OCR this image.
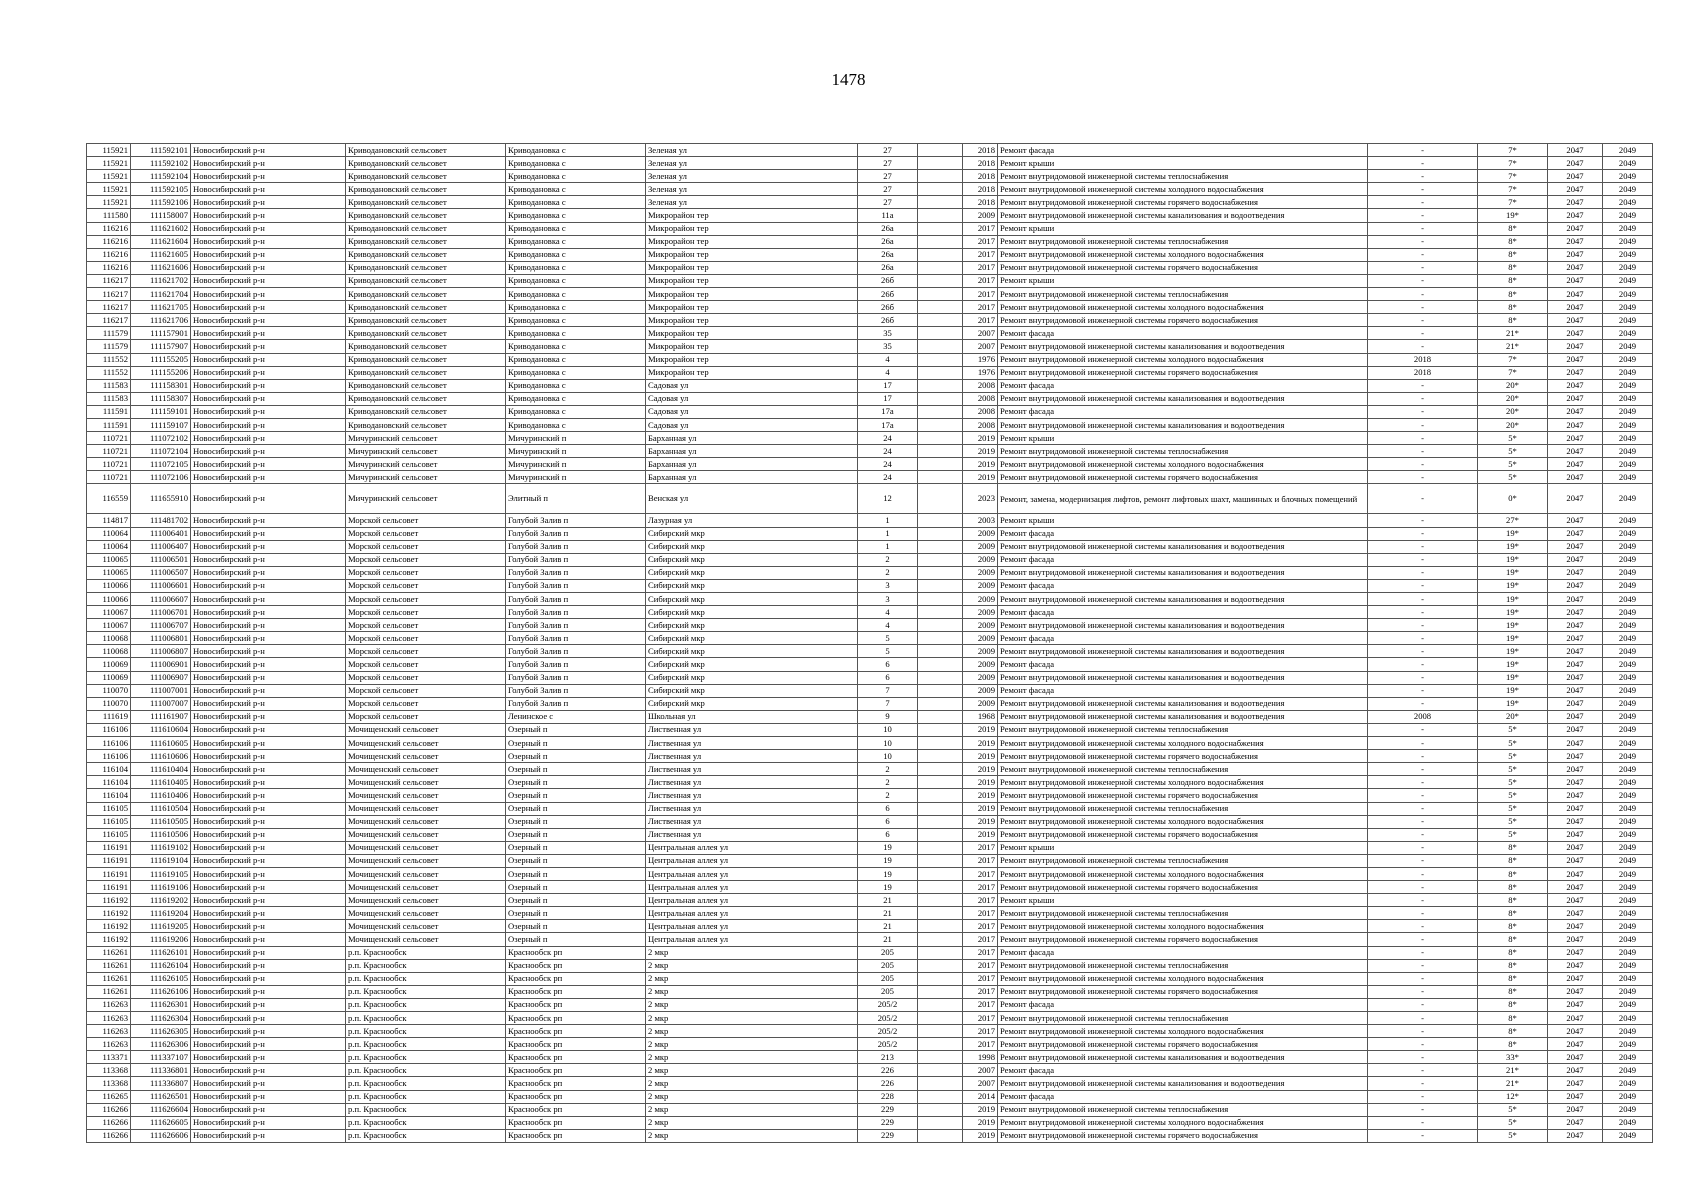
1478
115921	111592101	Новосибирский р-н	Криводановский сельсовет	Криводановка с	Зеленая ул	27		2018	Ремонт фасада	-	7*	2047	2049
115921	111592102	Новосибирский р-н	Криводановский сельсовет	Криводановка с	Зеленая ул	27		2018	Ремонт крыши	-	7*	2047	2049
115921	111592104	Новосибирский р-н	Криводановский сельсовет	Криводановка с	Зеленая ул	27		2018	Ремонт внутридомовой инженерной системы теплоснабжения	-	7*	2047	2049
115921	111592105	Новосибирский р-н	Криводановский сельсовет	Криводановка с	Зеленая ул	27		2018	Ремонт внутридомовой инженерной системы холодного водоснабжения	-	7*	2047	2049
115921	111592106	Новосибирский р-н	Криводановский сельсовет	Криводановка с	Зеленая ул	27		2018	Ремонт внутридомовой инженерной системы горячего водоснабжения	-	7*	2047	2049
111580	111158007	Новосибирский р-н	Криводановский сельсовет	Криводановка с	Микрорайон тер	11а		2009	Ремонт внутридомовой инженерной системы канализования и водоотведения	-	19*	2047	2049
116216	111621602	Новосибирский р-н	Криводановский сельсовет	Криводановка с	Микрорайон тер	26а		2017	Ремонт крыши	-	8*	2047	2049
116216	111621604	Новосибирский р-н	Криводановский сельсовет	Криводановка с	Микрорайон тер	26а		2017	Ремонт внутридомовой инженерной системы теплоснабжения	-	8*	2047	2049
116216	111621605	Новосибирский р-н	Криводановский сельсовет	Криводановка с	Микрорайон тер	26а		2017	Ремонт внутридомовой инженерной системы холодного водоснабжения	-	8*	2047	2049
116216	111621606	Новосибирский р-н	Криводановский сельсовет	Криводановка с	Микрорайон тер	26а		2017	Ремонт внутридомовой инженерной системы горячего водоснабжения	-	8*	2047	2049
116217	111621702	Новосибирский р-н	Криводановский сельсовет	Криводановка с	Микрорайон тер	26б		2017	Ремонт крыши	-	8*	2047	2049
116217	111621704	Новосибирский р-н	Криводановский сельсовет	Криводановка с	Микрорайон тер	26б		2017	Ремонт внутридомовой инженерной системы теплоснабжения	-	8*	2047	2049
116217	111621705	Новосибирский р-н	Криводановский сельсовет	Криводановка с	Микрорайон тер	26б		2017	Ремонт внутридомовой инженерной системы холодного водоснабжения	-	8*	2047	2049
116217	111621706	Новосибирский р-н	Криводановский сельсовет	Криводановка с	Микрорайон тер	26б		2017	Ремонт внутридомовой инженерной системы горячего водоснабжения	-	8*	2047	2049
111579	111157901	Новосибирский р-н	Криводановский сельсовет	Криводановка с	Микрорайон тер	35		2007	Ремонт фасада	-	21*	2047	2049
111579	111157907	Новосибирский р-н	Криводановский сельсовет	Криводановка с	Микрорайон тер	35		2007	Ремонт внутридомовой инженерной системы канализования и водоотведения	-	21*	2047	2049
111552	111155205	Новосибирский р-н	Криводановский сельсовет	Криводановка с	Микрорайон тер	4		1976	Ремонт внутридомовой инженерной системы холодного водоснабжения	2018	7*	2047	2049
111552	111155206	Новосибирский р-н	Криводановский сельсовет	Криводановка с	Микрорайон тер	4		1976	Ремонт внутридомовой инженерной системы горячего водоснабжения	2018	7*	2047	2049
111583	111158301	Новосибирский р-н	Криводановский сельсовет	Криводановка с	Садовая ул	17		2008	Ремонт фасада	-	20*	2047	2049
111583	111158307	Новосибирский р-н	Криводановский сельсовет	Криводановка с	Садовая ул	17		2008	Ремонт внутридомовой инженерной системы канализования и водоотведения	-	20*	2047	2049
111591	111159101	Новосибирский р-н	Криводановский сельсовет	Криводановка с	Садовая ул	17а		2008	Ремонт фасада	-	20*	2047	2049
111591	111159107	Новосибирский р-н	Криводановский сельсовет	Криводановка с	Садовая ул	17а		2008	Ремонт внутридомовой инженерной системы канализования и водоотведения	-	20*	2047	2049
110721	111072102	Новосибирский р-н	Мичуринский сельсовет	Мичуринский п	Барханная ул	24		2019	Ремонт крыши	-	5*	2047	2049
110721	111072104	Новосибирский р-н	Мичуринский сельсовет	Мичуринский п	Барханная ул	24		2019	Ремонт внутридомовой инженерной системы теплоснабжения	-	5*	2047	2049
110721	111072105	Новосибирский р-н	Мичуринский сельсовет	Мичуринский п	Барханная ул	24		2019	Ремонт внутридомовой инженерной системы холодного водоснабжения	-	5*	2047	2049
110721	111072106	Новосибирский р-н	Мичуринский сельсовет	Мичуринский п	Барханная ул	24		2019	Ремонт внутридомовой инженерной системы горячего водоснабжения	-	5*	2047	2049
116559	111655910	Новосибирский р-н	Мичуринский сельсовет	Элитный п	Венская ул	12		2023	Ремонт, замена, модернизация лифтов, ремонт лифтовых шахт, машинных и блочных помещений	-	0*	2047	2049
114817	111481702	Новосибирский р-н	Морской сельсовет	Голубой Залив п	Лазурная ул	1		2003	Ремонт крыши	-	27*	2047	2049
110064	111006401	Новосибирский р-н	Морской сельсовет	Голубой Залив п	Сибирский мкр	1		2009	Ремонт фасада	-	19*	2047	2049
110064	111006407	Новосибирский р-н	Морской сельсовет	Голубой Залив п	Сибирский мкр	1		2009	Ремонт внутридомовой инженерной системы канализования и водоотведения	-	19*	2047	2049
110065	111006501	Новосибирский р-н	Морской сельсовет	Голубой Залив п	Сибирский мкр	2		2009	Ремонт фасада	-	19*	2047	2049
110065	111006507	Новосибирский р-н	Морской сельсовет	Голубой Залив п	Сибирский мкр	2		2009	Ремонт внутридомовой инженерной системы канализования и водоотведения	-	19*	2047	2049
110066	111006601	Новосибирский р-н	Морской сельсовет	Голубой Залив п	Сибирский мкр	3		2009	Ремонт фасада	-	19*	2047	2049
110066	111006607	Новосибирский р-н	Морской сельсовет	Голубой Залив п	Сибирский мкр	3		2009	Ремонт внутридомовой инженерной системы канализования и водоотведения	-	19*	2047	2049
110067	111006701	Новосибирский р-н	Морской сельсовет	Голубой Залив п	Сибирский мкр	4		2009	Ремонт фасада	-	19*	2047	2049
110067	111006707	Новосибирский р-н	Морской сельсовет	Голубой Залив п	Сибирский мкр	4		2009	Ремонт внутридомовой инженерной системы канализования и водоотведения	-	19*	2047	2049
110068	111006801	Новосибирский р-н	Морской сельсовет	Голубой Залив п	Сибирский мкр	5		2009	Ремонт фасада	-	19*	2047	2049
110068	111006807	Новосибирский р-н	Морской сельсовет	Голубой Залив п	Сибирский мкр	5		2009	Ремонт внутридомовой инженерной системы канализования и водоотведения	-	19*	2047	2049
110069	111006901	Новосибирский р-н	Морской сельсовет	Голубой Залив п	Сибирский мкр	6		2009	Ремонт фасада	-	19*	2047	2049
110069	111006907	Новосибирский р-н	Морской сельсовет	Голубой Залив п	Сибирский мкр	6		2009	Ремонт внутридомовой инженерной системы канализования и водоотведения	-	19*	2047	2049
110070	111007001	Новосибирский р-н	Морской сельсовет	Голубой Залив п	Сибирский мкр	7		2009	Ремонт фасада	-	19*	2047	2049
110070	111007007	Новосибирский р-н	Морской сельсовет	Голубой Залив п	Сибирский мкр	7		2009	Ремонт внутридомовой инженерной системы канализования и водоотведения	-	19*	2047	2049
111619	111161907	Новосибирский р-н	Морской сельсовет	Ленинское с	Школьная ул	9		1968	Ремонт внутридомовой инженерной системы канализования и водоотведения	2008	20*	2047	2049
116106	111610604	Новосибирский р-н	Мочищенский сельсовет	Озерный п	Лиственная ул	10		2019	Ремонт внутридомовой инженерной системы теплоснабжения	-	5*	2047	2049
116106	111610605	Новосибирский р-н	Мочищенский сельсовет	Озерный п	Лиственная ул	10		2019	Ремонт внутридомовой инженерной системы холодного водоснабжения	-	5*	2047	2049
116106	111610606	Новосибирский р-н	Мочищенский сельсовет	Озерный п	Лиственная ул	10		2019	Ремонт внутридомовой инженерной системы горячего водоснабжения	-	5*	2047	2049
116104	111610404	Новосибирский р-н	Мочищенский сельсовет	Озерный п	Лиственная ул	2		2019	Ремонт внутридомовой инженерной системы теплоснабжения	-	5*	2047	2049
116104	111610405	Новосибирский р-н	Мочищенский сельсовет	Озерный п	Лиственная ул	2		2019	Ремонт внутридомовой инженерной системы холодного водоснабжения	-	5*	2047	2049
116104	111610406	Новосибирский р-н	Мочищенский сельсовет	Озерный п	Лиственная ул	2		2019	Ремонт внутридомовой инженерной системы горячего водоснабжения	-	5*	2047	2049
116105	111610504	Новосибирский р-н	Мочищенский сельсовет	Озерный п	Лиственная ул	6		2019	Ремонт внутридомовой инженерной системы теплоснабжения	-	5*	2047	2049
116105	111610505	Новосибирский р-н	Мочищенский сельсовет	Озерный п	Лиственная ул	6		2019	Ремонт внутридомовой инженерной системы холодного водоснабжения	-	5*	2047	2049
116105	111610506	Новосибирский р-н	Мочищенский сельсовет	Озерный п	Лиственная ул	6		2019	Ремонт внутридомовой инженерной системы горячего водоснабжения	-	5*	2047	2049
116191	111619102	Новосибирский р-н	Мочищенский сельсовет	Озерный п	Центральная аллея ул	19		2017	Ремонт крыши	-	8*	2047	2049
116191	111619104	Новосибирский р-н	Мочищенский сельсовет	Озерный п	Центральная аллея ул	19		2017	Ремонт внутридомовой инженерной системы теплоснабжения	-	8*	2047	2049
116191	111619105	Новосибирский р-н	Мочищенский сельсовет	Озерный п	Центральная аллея ул	19		2017	Ремонт внутридомовой инженерной системы холодного водоснабжения	-	8*	2047	2049
116191	111619106	Новосибирский р-н	Мочищенский сельсовет	Озерный п	Центральная аллея ул	19		2017	Ремонт внутридомовой инженерной системы горячего водоснабжения	-	8*	2047	2049
116192	111619202	Новосибирский р-н	Мочищенский сельсовет	Озерный п	Центральная аллея ул	21		2017	Ремонт крыши	-	8*	2047	2049
116192	111619204	Новосибирский р-н	Мочищенский сельсовет	Озерный п	Центральная аллея ул	21		2017	Ремонт внутридомовой инженерной системы теплоснабжения	-	8*	2047	2049
116192	111619205	Новосибирский р-н	Мочищенский сельсовет	Озерный п	Центральная аллея ул	21		2017	Ремонт внутридомовой инженерной системы холодного водоснабжения	-	8*	2047	2049
116192	111619206	Новосибирский р-н	Мочищенский сельсовет	Озерный п	Центральная аллея ул	21		2017	Ремонт внутридомовой инженерной системы горячего водоснабжения	-	8*	2047	2049
116261	111626101	Новосибирский р-н	р.п. Краснообск	Краснообск рп	2 мкр	205		2017	Ремонт фасада	-	8*	2047	2049
116261	111626104	Новосибирский р-н	р.п. Краснообск	Краснообск рп	2 мкр	205		2017	Ремонт внутридомовой инженерной системы теплоснабжения	-	8*	2047	2049
116261	111626105	Новосибирский р-н	р.п. Краснообск	Краснообск рп	2 мкр	205		2017	Ремонт внутридомовой инженерной системы холодного водоснабжения	-	8*	2047	2049
116261	111626106	Новосибирский р-н	р.п. Краснообск	Краснообск рп	2 мкр	205		2017	Ремонт внутридомовой инженерной системы горячего водоснабжения	-	8*	2047	2049
116263	111626301	Новосибирский р-н	р.п. Краснообск	Краснообск рп	2 мкр	205/2		2017	Ремонт фасада	-	8*	2047	2049
116263	111626304	Новосибирский р-н	р.п. Краснообск	Краснообск рп	2 мкр	205/2		2017	Ремонт внутридомовой инженерной системы теплоснабжения	-	8*	2047	2049
116263	111626305	Новосибирский р-н	р.п. Краснообск	Краснообск рп	2 мкр	205/2		2017	Ремонт внутридомовой инженерной системы холодного водоснабжения	-	8*	2047	2049
116263	111626306	Новосибирский р-н	р.п. Краснообск	Краснообск рп	2 мкр	205/2		2017	Ремонт внутридомовой инженерной системы горячего водоснабжения	-	8*	2047	2049
113371	111337107	Новосибирский р-н	р.п. Краснообск	Краснообск рп	2 мкр	213		1998	Ремонт внутридомовой инженерной системы канализования и водоотведения	-	33*	2047	2049
113368	111336801	Новосибирский р-н	р.п. Краснообск	Краснообск рп	2 мкр	226		2007	Ремонт фасада	-	21*	2047	2049
113368	111336807	Новосибирский р-н	р.п. Краснообск	Краснообск рп	2 мкр	226		2007	Ремонт внутридомовой инженерной системы канализования и водоотведения	-	21*	2047	2049
116265	111626501	Новосибирский р-н	р.п. Краснообск	Краснообск рп	2 мкр	228		2014	Ремонт фасада	-	12*	2047	2049
116266	111626604	Новосибирский р-н	р.п. Краснообск	Краснообск рп	2 мкр	229		2019	Ремонт внутридомовой инженерной системы теплоснабжения	-	5*	2047	2049
116266	111626605	Новосибирский р-н	р.п. Краснообск	Краснообск рп	2 мкр	229		2019	Ремонт внутридомовой инженерной системы холодного водоснабжения	-	5*	2047	2049
116266	111626606	Новосибирский р-н	р.п. Краснообск	Краснообск рп	2 мкр	229		2019	Ремонт внутридомовой инженерной системы горячего водоснабжения	-	5*	2047	2049
